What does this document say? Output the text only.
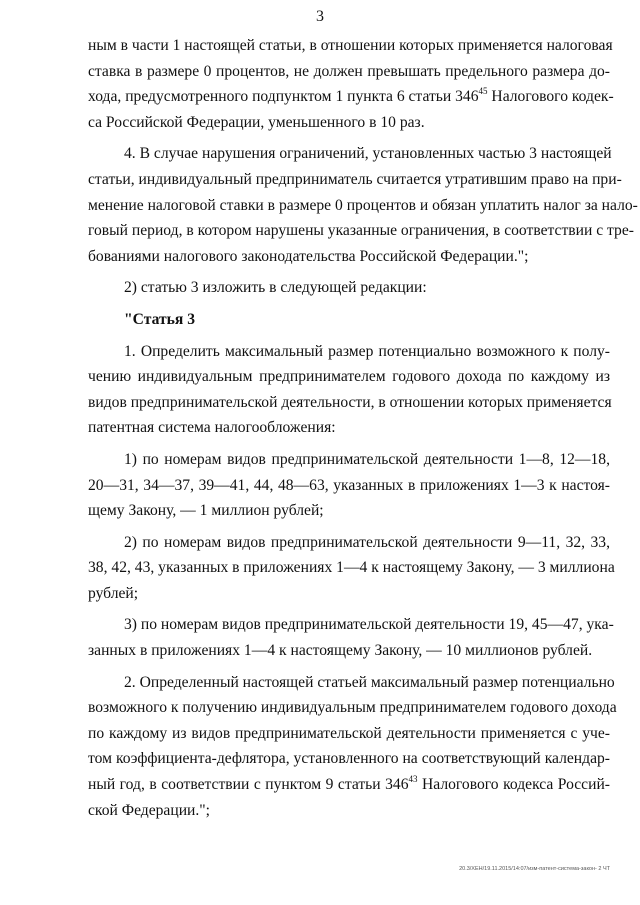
3
ным в части 1 настоящей статьи, в отношении которых применяется налоговая
ставка в размере 0 процентов, не должен превышать предельного размера до-
хода, предусмотренного подпунктом 1 пункта 6 статьи $346^{45}$ Налогового кодек-
са Российской Федерации, уменьшенного в 10 раз.
4. В случае нарушения ограничений, установленных частью 3 настоящей
статьи, индивидуальный предприниматель считается утратившим право на при-
менение налоговой ставки в размере 0 процентов и обязан уплатить налог за нало-
говый период, в котором нарушены указанные ограничения, в соответствии с тре-
бованиями налогового законодательства Российской Федерации.";
2) статью 3 изложить в следующей редакции:
"Статья 3
1. Определить максимальный размер потенциально возможного к полу-
чению индивидуальным предпринимателем годового дохода по каждому из
видов предпринимательской деятельности, в отношении которых применяется
патентная система налогообложения:
1) по номерам видов предпринимательской деятельности 1—8, 12—18,
20—31, 34—37, 39—41, 44, 48—63, указанных в приложениях 1—3 к настоя-
щему Закону, — 1 миллион рублей;
2) по номерам видов предпринимательской деятельности 9—11, 32, 33,
38, 42, 43, указанных в приложениях 1—4 к настоящему Закону, — 3 миллиона
рублей;
3) по номерам видов предпринимательской деятельности 19, 45—47, ука-
занных в приложениях 1—4 к настоящему Закону, — 10 миллионов рублей.
2. Определенный настоящей статьей максимальный размер потенциально
возможного к получению индивидуальным предпринимателем годового дохода
по каждому из видов предпринимательской деятельности применяется с уче-
том коэффициента-дефлятора, установленного на соответствующий календар-
ный год, в соответствии с пунктом 9 статьи $346^{43}$ Налогового кодекса Россий-
ской Федерации.";
20.3/ХЕН/19.11.2015/14:07/изм-патент-система-закон- 2 ЧТ
